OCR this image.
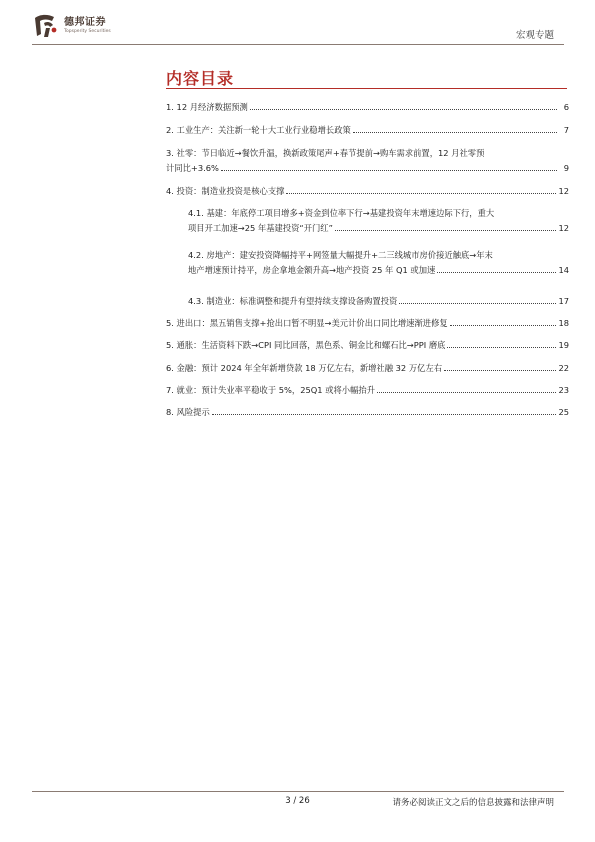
德邦证券
Topsperity Securities	宏观专题
内容目录
1. 12 月经济数据预测	6
2. 工业生产：关注新一轮十大工业行业稳增长政策	7
3. 社零：节日临近→餐饮升温，换新政策尾声+春节提前→购车需求前置，12 月社零预
计同比+3.6%	9
4. 投资：制造业投资是核心支撑	12
4.1. 基建：年底停工项目增多+资金到位率下行→基建投资年末增速边际下行，重大
项目开工加速→25 年基建投资“开门红”	12
4.2. 房地产：建安投资降幅持平+网签量大幅提升+二三线城市房价接近触底→年末
地产增速预计持平，房企拿地金额升高→地产投资 25 年 Q1 或加速	14
4.3. 制造业：标准调整和提升有望持续支撑设备购置投资	17
5. 进出口：黑五销售支撑+抢出口暂不明显→美元计价出口同比增速渐进修复	18
5. 通胀：生活资料下跌→CPI 同比回落，黑色系、铜金比和螺石比→PPI 磨底	19
6. 金融：预计 2024 年全年新增贷款 18 万亿左右，新增社融 32 万亿左右	22
7. 就业：预计失业率平稳收于 5%，25Q1 或将小幅抬升	23
8. 风险提示	25
3 / 26	请务必阅读正文之后的信息披露和法律声明
